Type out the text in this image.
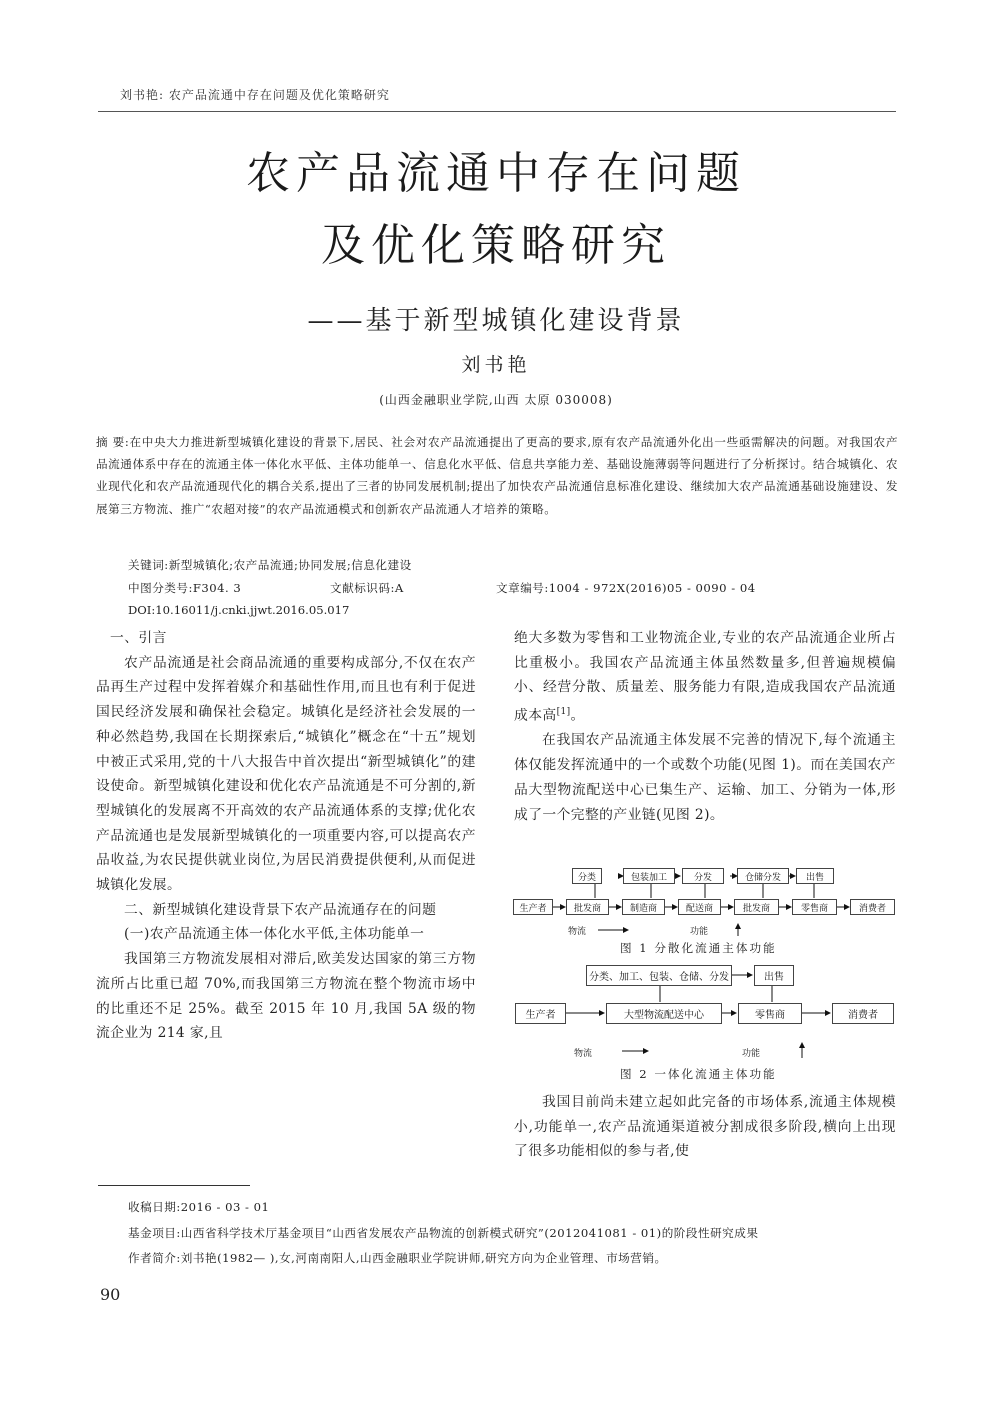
刘书艳: 农产品流通中存在问题及优化策略研究
农产品流通中存在问题
及优化策略研究
——基于新型城镇化建设背景
刘书艳
(山西金融职业学院,山西 太原 030008)
摘 要:在中央大力推进新型城镇化建设的背景下,居民、社会对农产品流通提出了更高的要求,原有农产品流通外化出一些亟需解决的问题。对我国农产品流通体系中存在的流通主体一体化水平低、主体功能单一、信息化水平低、信息共享能力差、基础设施薄弱等问题进行了分析探讨。结合城镇化、农业现代化和农产品流通现代化的耦合关系,提出了三者的协同发展机制;提出了加快农产品流通信息标准化建设、继续加大农产品流通基础设施建设、发展第三方物流、推广“农超对接”的农产品流通模式和创新农产品流通人才培养的策略。
关键词:新型城镇化;农产品流通;协同发展;信息化建设
中图分类号:F304. 3	文献标识码:A	文章编号:1004 - 972X(2016)05 - 0090 - 04
DOI:10.16011/j.cnki.jjwt.2016.05.017

一、引言

农产品流通是社会商品流通的重要构成部分,不仅在农产品再生产过程中发挥着媒介和基础性作用,而且也有利于促进国民经济发展和确保社会稳定。城镇化是经济社会发展的一种必然趋势,我国在长期探索后,“城镇化”概念在“十五”规划中被正式采用,党的十八大报告中首次提出“新型城镇化”的建设使命。新型城镇化建设和优化农产品流通是不可分割的,新型城镇化的发展离不开高效的农产品流通体系的支撑;优化农产品流通也是发展新型城镇化的一项重要内容,可以提高农产品收益,为农民提供就业岗位,为居民消费提供便利,从而促进城镇化发展。

二、新型城镇化建设背景下农产品流通存在的问题

(一)农产品流通主体一体化水平低,主体功能单一

我国第三方物流发展相对滞后,欧美发达国家的第三方物流所占比重已超 70%,而我国第三方物流在整个物流市场中的比重还不足 25%。截至 2015 年 10 月,我国 5A 级的物流企业为 214 家,且

绝大多数为零售和工业物流企业,专业的农产品流通企业所占比重极小。我国农产品流通主体虽然数量多,但普遍规模偏小、经营分散、质量差、服务能力有限,造成我国农产品流通成本高[1]。

在我国农产品流通主体发展不完善的情况下,每个流通主体仅能发挥流通中的一个或数个功能(见图 1)。而在美国农产品大型物流配送中心已集生产、运输、加工、分销为一体,形成了一个完整的产业链(见图 2)。

分类	包装加工	分发	仓储分发	出售
生产者	批发商	制造商	配送商	批发商	零售商	消费者
物流	功能
图 1 分散化流通主体功能
分类、加工、包装、仓储、分发	出售
生产者	大型物流配送中心	零售商	消费者
物流	功能
图 2 一体化流通主体功能

我国目前尚未建立起如此完备的市场体系,流通主体规模小,功能单一,农产品流通渠道被分割成很多阶段,横向上出现了很多功能相似的参与者,使

收稿日期:2016 - 03 - 01
基金项目:山西省科学技术厅基金项目“山西省发展农产品物流的创新模式研究”(2012041081 - 01)的阶段性研究成果
作者简介:刘书艳(1982— ),女,河南南阳人,山西金融职业学院讲师,研究方向为企业管理、市场营销。
90
